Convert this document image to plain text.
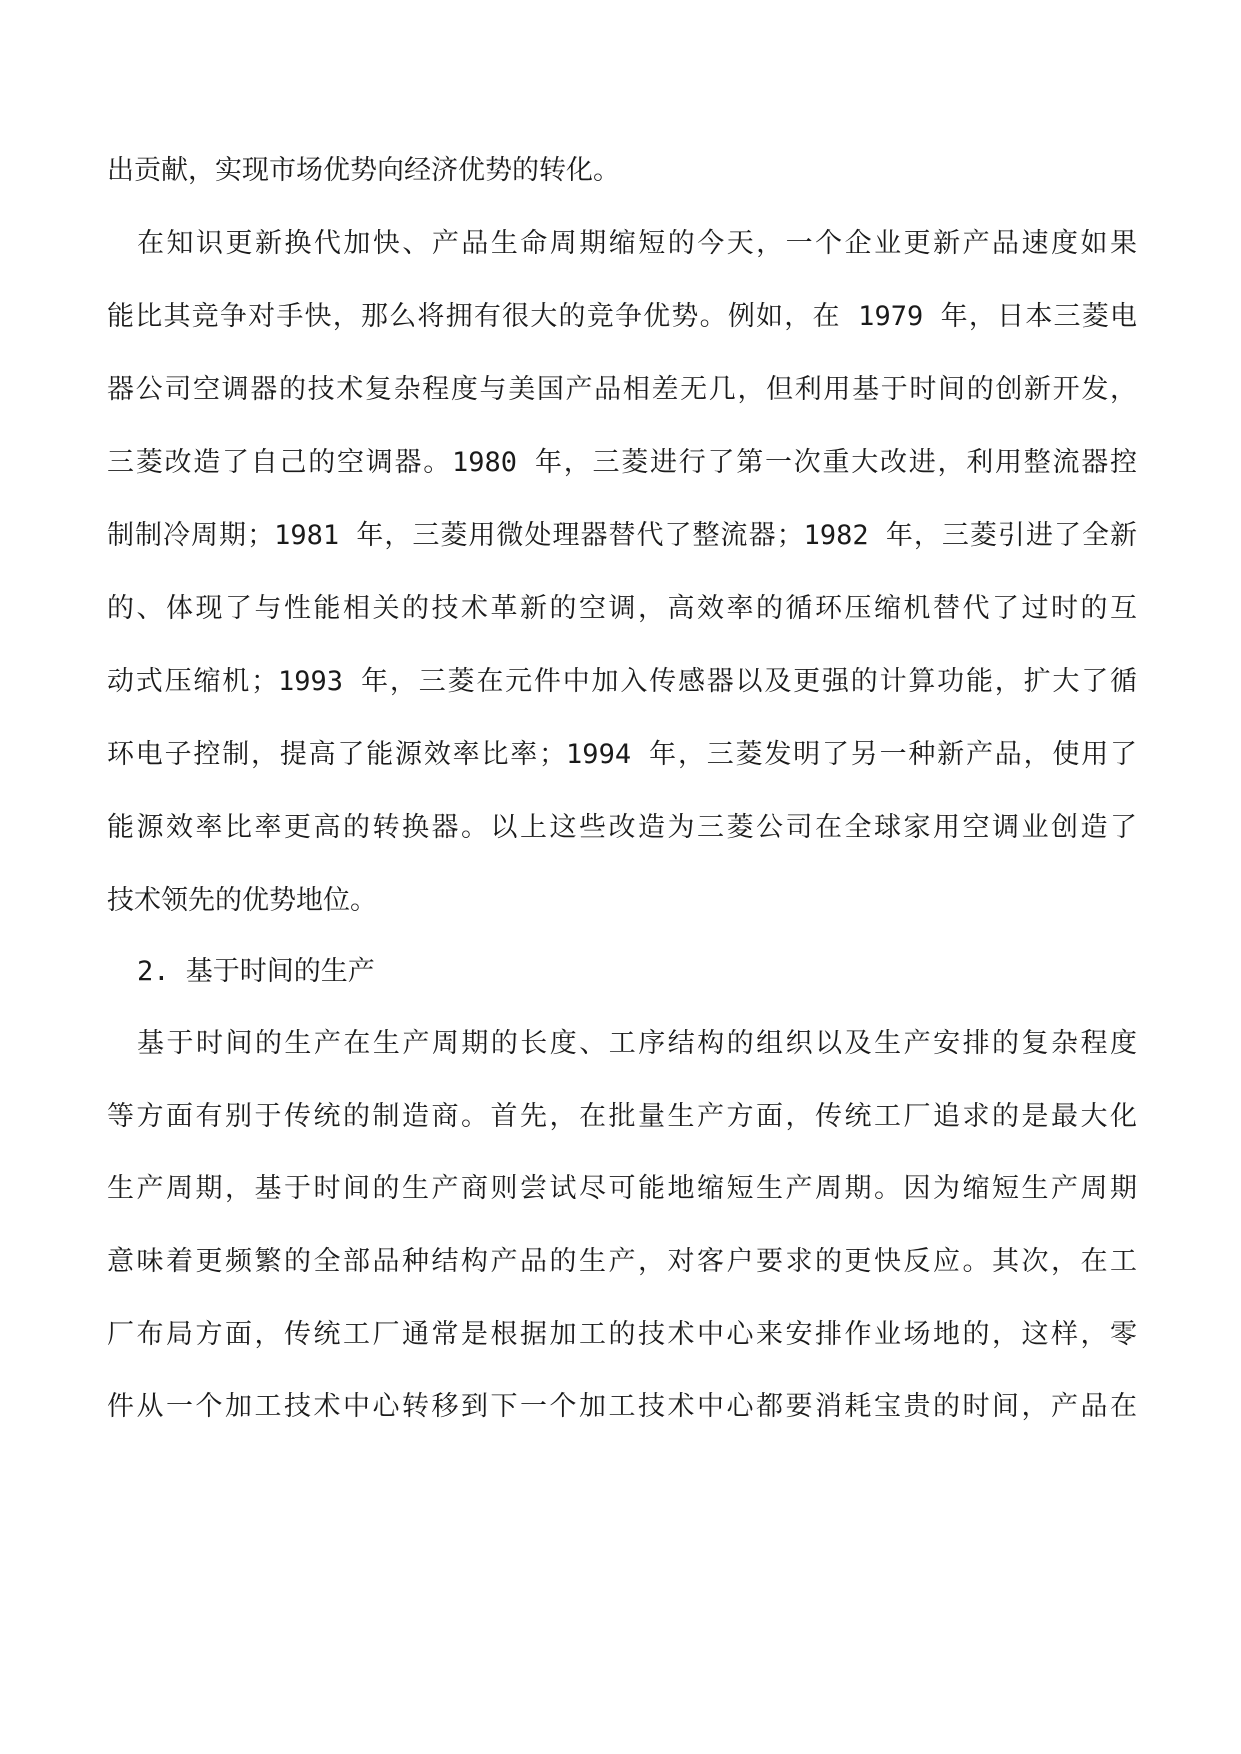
出贡献，实现市场优势向经济优势的转化。
在知识更新换代加快、产品生命周期缩短的今天，一个企业更新产品速度如果
能比其竞争对手快，那么将拥有很大的竞争优势。例如，在 1979 年，日本三菱电
器公司空调器的技术复杂程度与美国产品相差无几，但利用基于时间的创新开发，
三菱改造了自己的空调器。1980 年，三菱进行了第一次重大改进，利用整流器控
制制冷周期；1981 年，三菱用微处理器替代了整流器；1982 年，三菱引进了全新
的、体现了与性能相关的技术革新的空调，高效率的循环压缩机替代了过时的互
动式压缩机；1993 年，三菱在元件中加入传感器以及更强的计算功能，扩大了循
环电子控制，提高了能源效率比率；1994 年，三菱发明了另一种新产品，使用了
能源效率比率更高的转换器。以上这些改造为三菱公司在全球家用空调业创造了
技术领先的优势地位。
2. 基于时间的生产
基于时间的生产在生产周期的长度、工序结构的组织以及生产安排的复杂程度
等方面有别于传统的制造商。首先，在批量生产方面，传统工厂追求的是最大化
生产周期，基于时间的生产商则尝试尽可能地缩短生产周期。因为缩短生产周期
意味着更频繁的全部品种结构产品的生产，对客户要求的更快反应。其次，在工
厂布局方面，传统工厂通常是根据加工的技术中心来安排作业场地的，这样，零
件从一个加工技术中心转移到下一个加工技术中心都要消耗宝贵的时间，产品在
